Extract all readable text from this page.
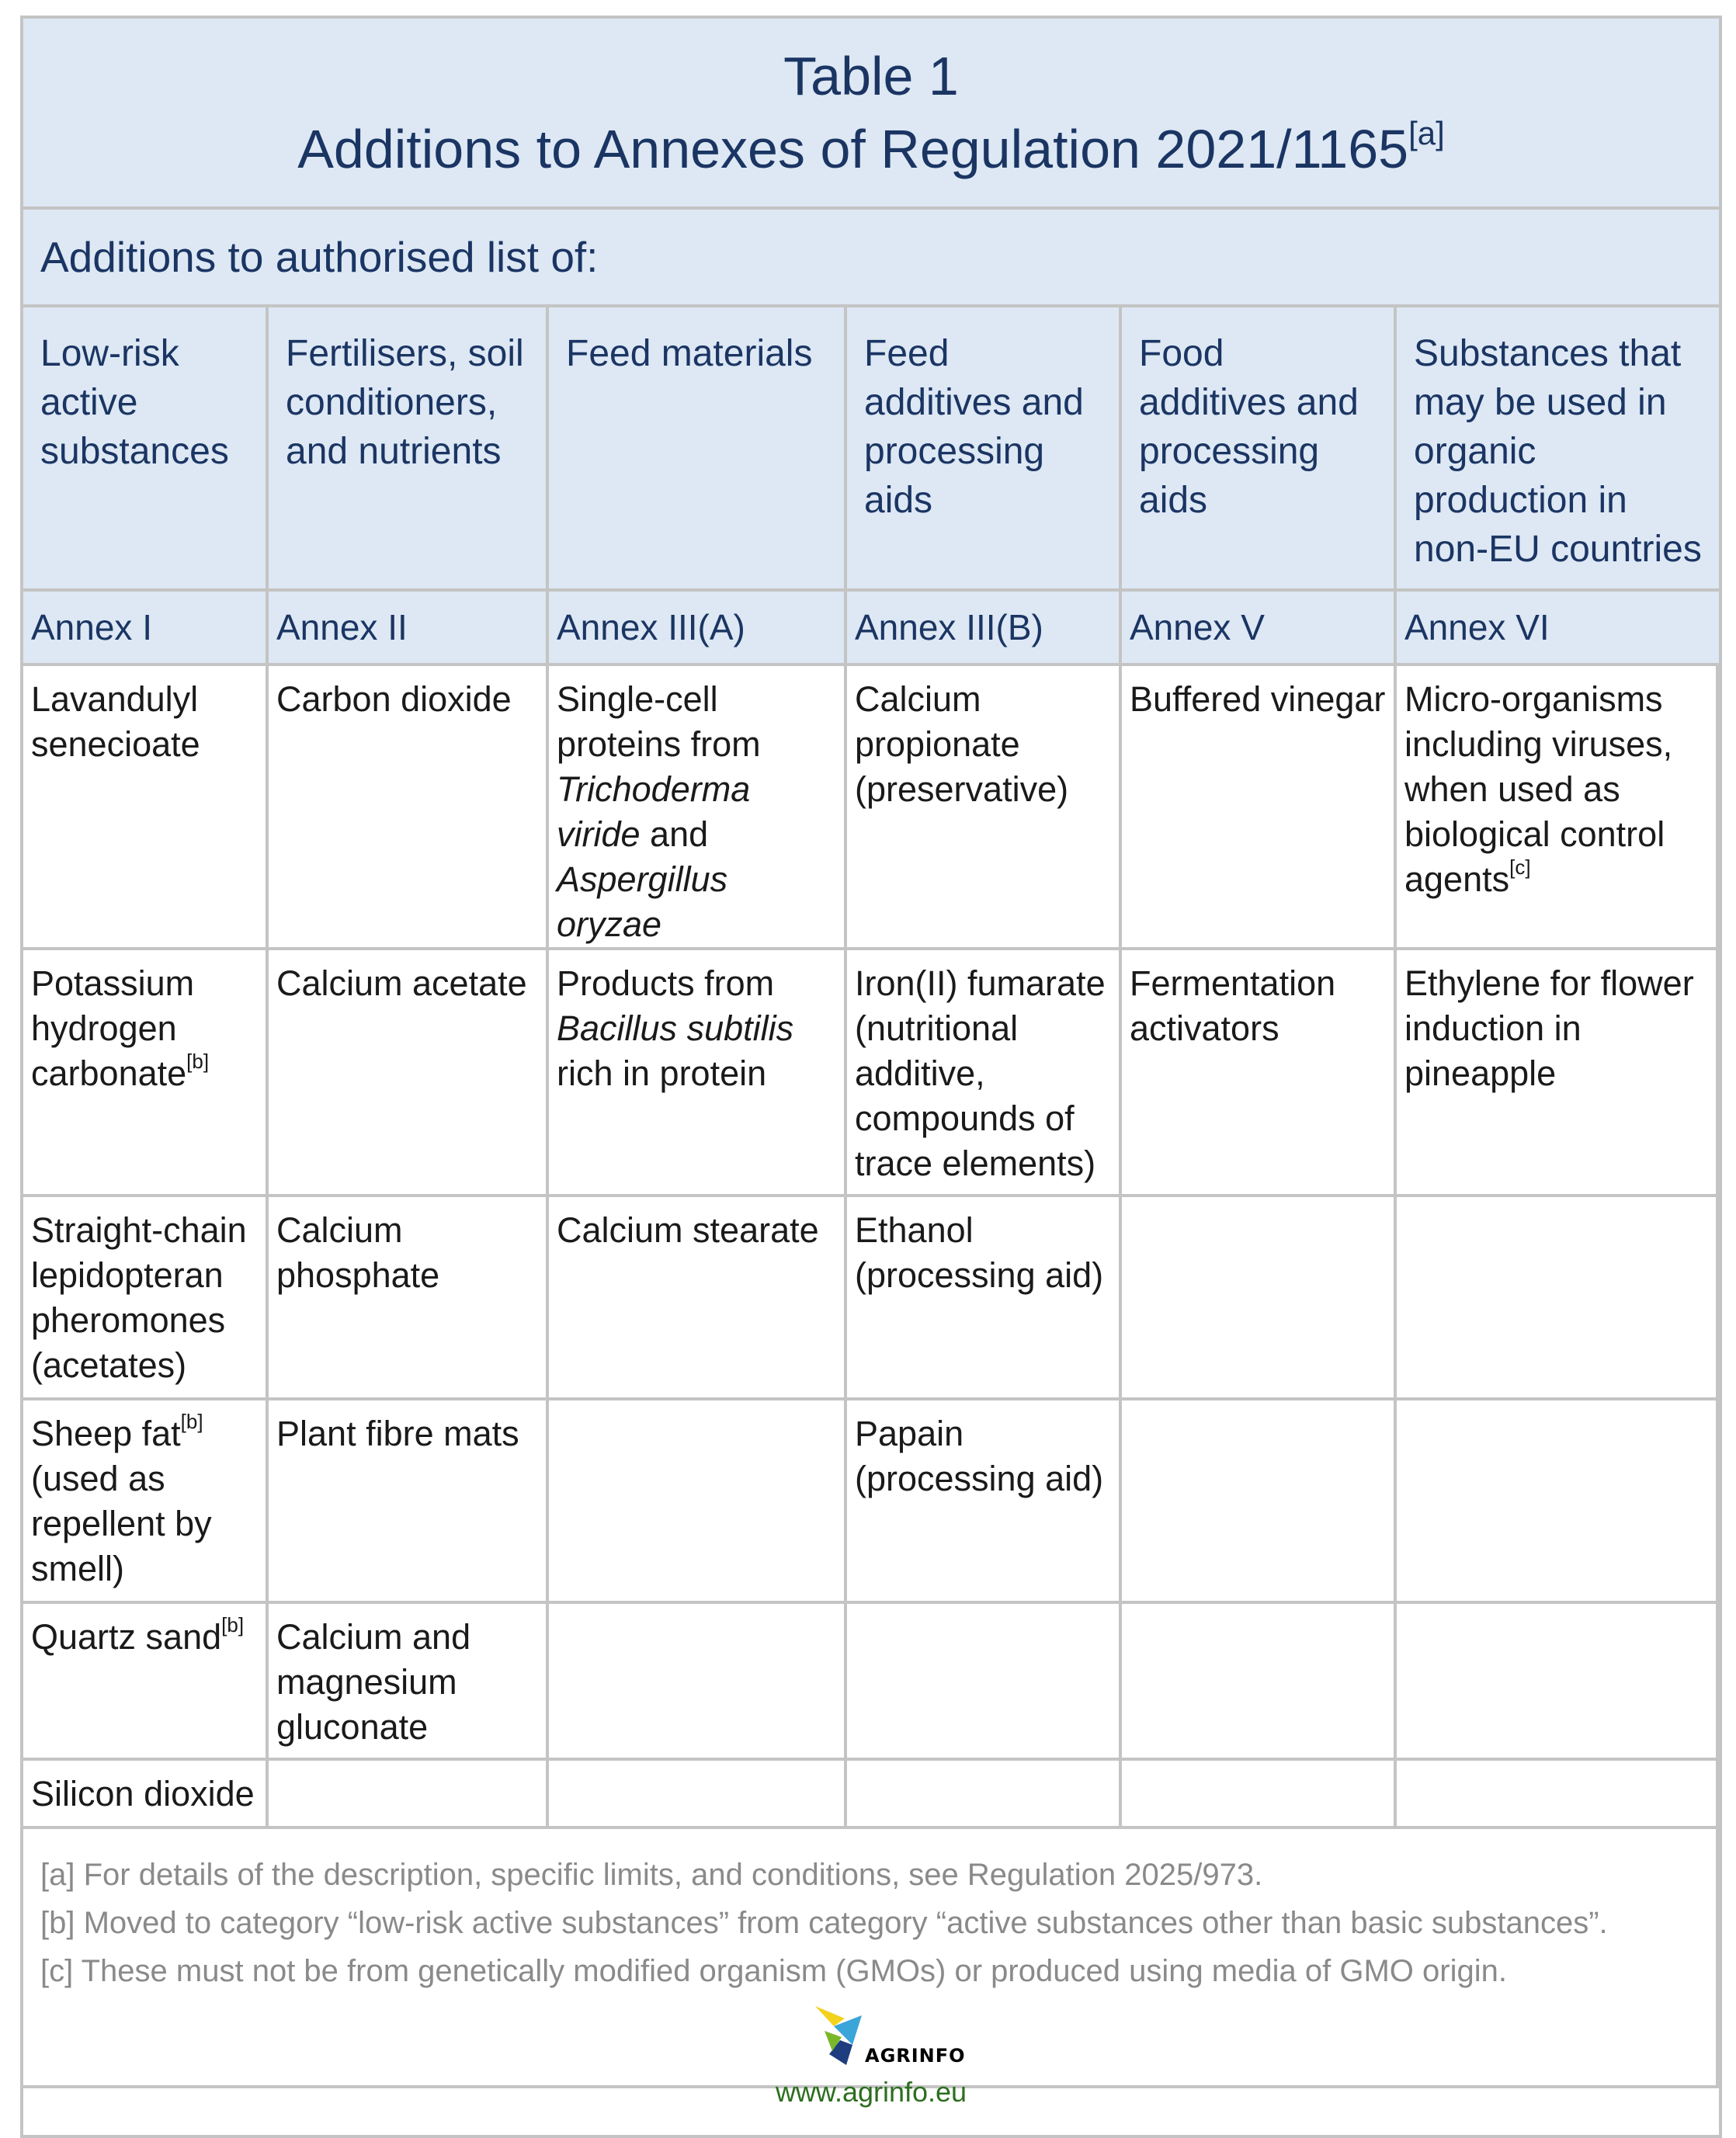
Table 1
Additions to Annexes of Regulation 2021/1165[a]

Additions to authorised list of:					
Low-risk active substances	Fertilisers, soil conditioners, and nutrients	Feed materials	Feed additives and processing aids	Food additives and processing aids	Substances that may be used in organic production in non-EU countries
Annex I	Annex II	Annex III(A)	Annex III(B)	Annex V	Annex VI
Lavandulyl senecioate	Carbon dioxide	Single-cell proteins from Trichoderma viride and Aspergillus oryzae	Calcium propionate (preservative)	Buffered vinegar	Micro-organisms including viruses, when used as biological control agents[c]
Potassium hydrogen carbonate[b]	Calcium acetate	Products from Bacillus subtilis rich in protein	Iron(II) fumarate (nutritional additive, compounds of trace elements)	Fermentation activators	Ethylene for flower induction in pineapple
Straight-chain lepidopteran pheromones (acetates)	Calcium phosphate	Calcium stearate	Ethanol (processing aid)		
Sheep fat[b] (used as repellent by smell)	Plant fibre mats		Papain (processing aid)		
Quartz sand[b]	Calcium and magnesium gluconate				
Silicon dioxide					

[a] For details of the description, specific limits, and conditions, see Regulation 2025/973.
[b] Moved to category “low-risk active substances” from category “active substances other than basic substances”.
[c] These must not be from genetically modified organism (GMOs) or produced using media of GMO origin.
AGRINFO
www.agrinfo.eu					
